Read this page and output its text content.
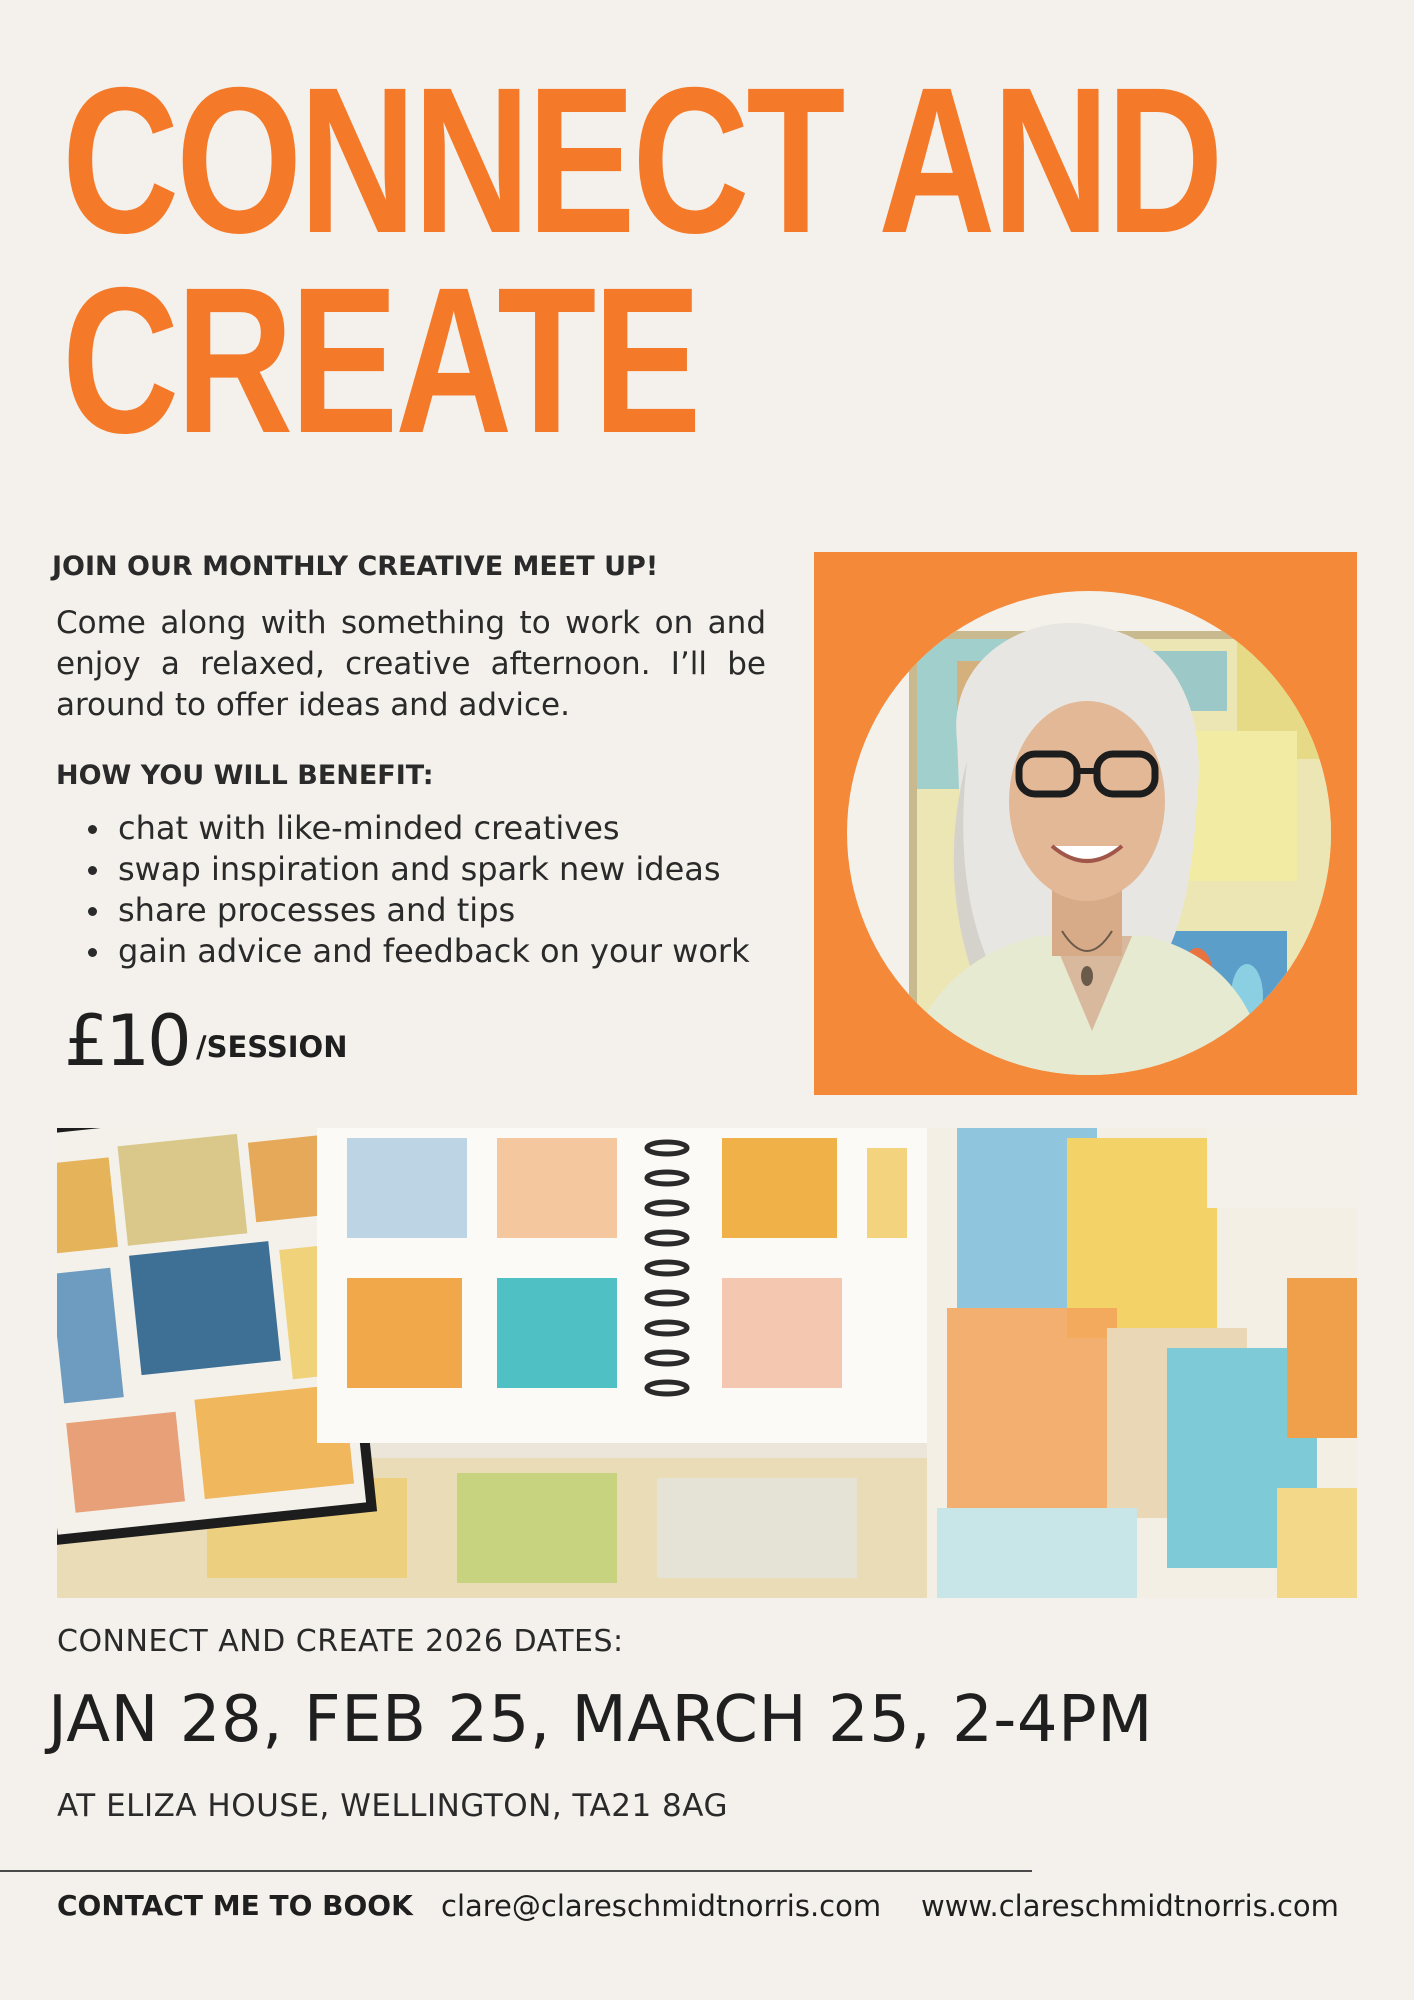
CONNECT AND
CREATE
JOIN OUR MONTHLY CREATIVE MEET UP!

Come along with something to work on and enjoy a relaxed, creative afternoon. I’ll be around to offer ideas and advice.

HOW YOU WILL BENEFIT:
chat with like-minded creatives
swap inspiration and spark new ideas
share processes and tips
gain advice and feedback on your work
£10 /SESSION
CONNECT AND CREATE 2026 DATES:
JAN 28, FEB 25, MARCH 25, 2-4PM
AT ELIZA HOUSE, WELLINGTON, TA21 8AG
CONTACT ME TO BOOK clare@clareschmidtnorris.com www.clareschmidtnorris.com
